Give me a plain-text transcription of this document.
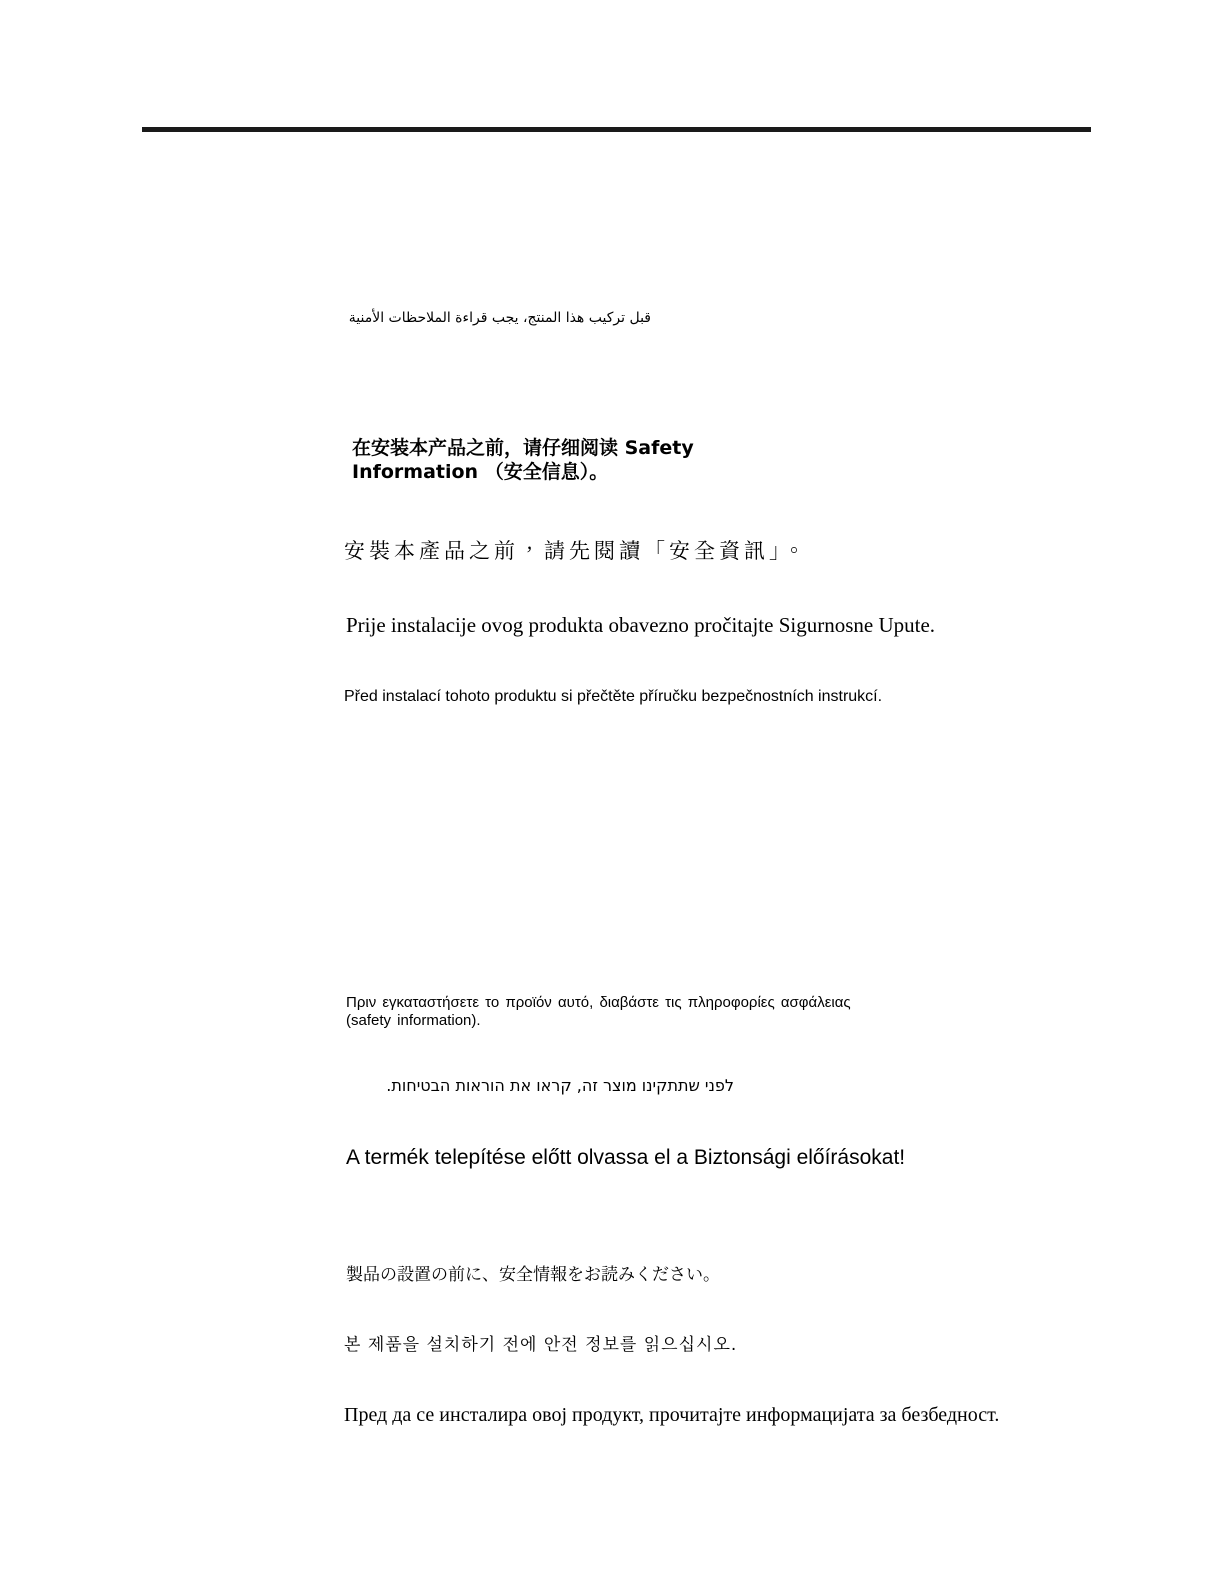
قبل تركيب هذا المنتج، يجب قراءة الملاحظات الأمنية
在安装本产品之前，请仔细阅读 Safety Information （安全信息）。
安裝本產品之前，請先閱讀「安全資訊」。
Prije instalacije ovog produkta obavezno pročitajte Sigurnosne Upute.
Před instalací tohoto produktu si přečtěte příručku bezpečnostních instrukcí.
Πριν εγκαταστήσετε το προϊόν αυτό, διαβάστε τις πληροφορίες ασφάλειας (safety information).
לפני שתתקינו מוצר זה, קראו את הוראות הבטיחות.
A termék telepítése előtt olvassa el a Biztonsági előírásokat!
製品の設置の前に、安全情報をお読みください。
본 제품을 설치하기 전에 안전 정보를 읽으십시오.
Пред да се инсталира овој продукт, прочитајте информацијата за безбедност.
